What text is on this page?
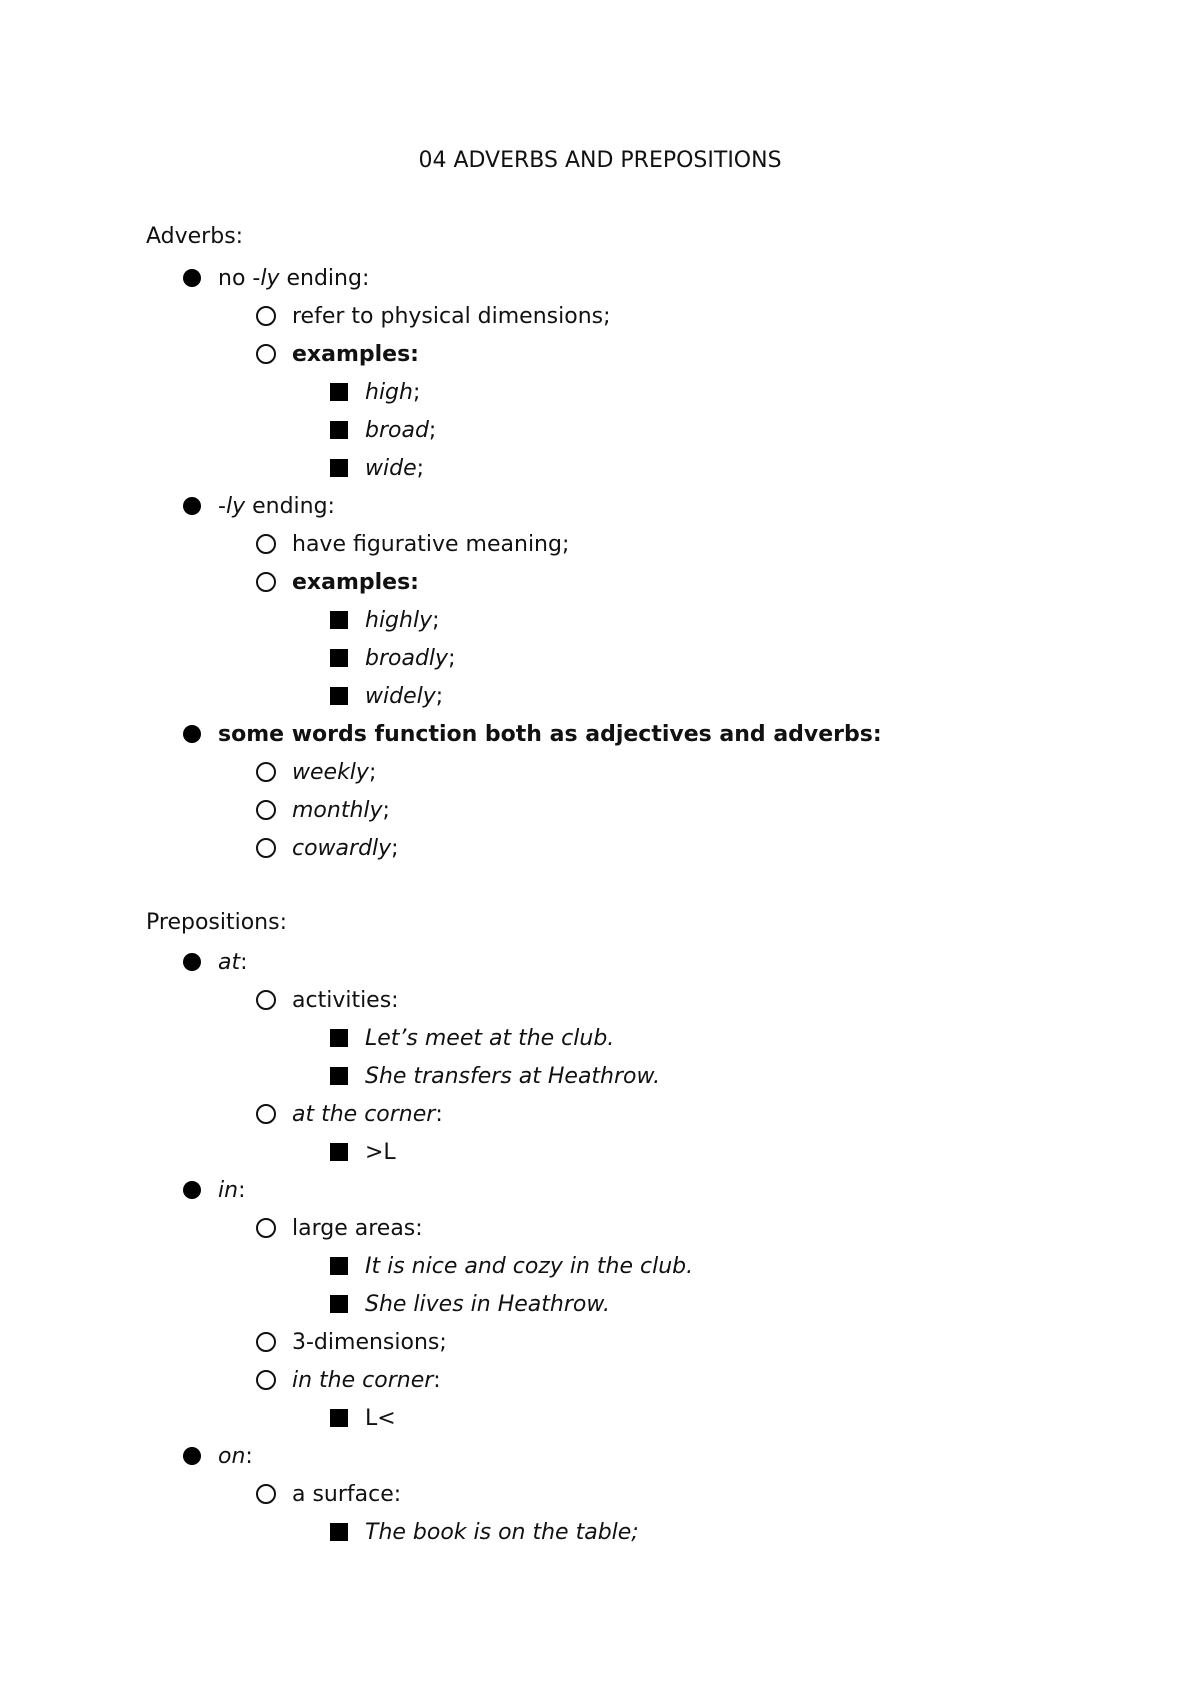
04 ADVERBS AND PREPOSITIONS
Adverbs:
no -ly ending:
refer to physical dimensions;
examples:
high;
broad;
wide;
-ly ending:
have figurative meaning;
examples:
highly;
broadly;
widely;
some words function both as adjectives and adverbs:
weekly;
monthly;
cowardly;
Prepositions:
at:
activities:
Let’s meet at the club.
She transfers at Heathrow.
at the corner:
>L
in:
large areas:
It is nice and cozy in the club.
She lives in Heathrow.
3-dimensions;
in the corner:
L<
on:
a surface:
The book is on the table;
